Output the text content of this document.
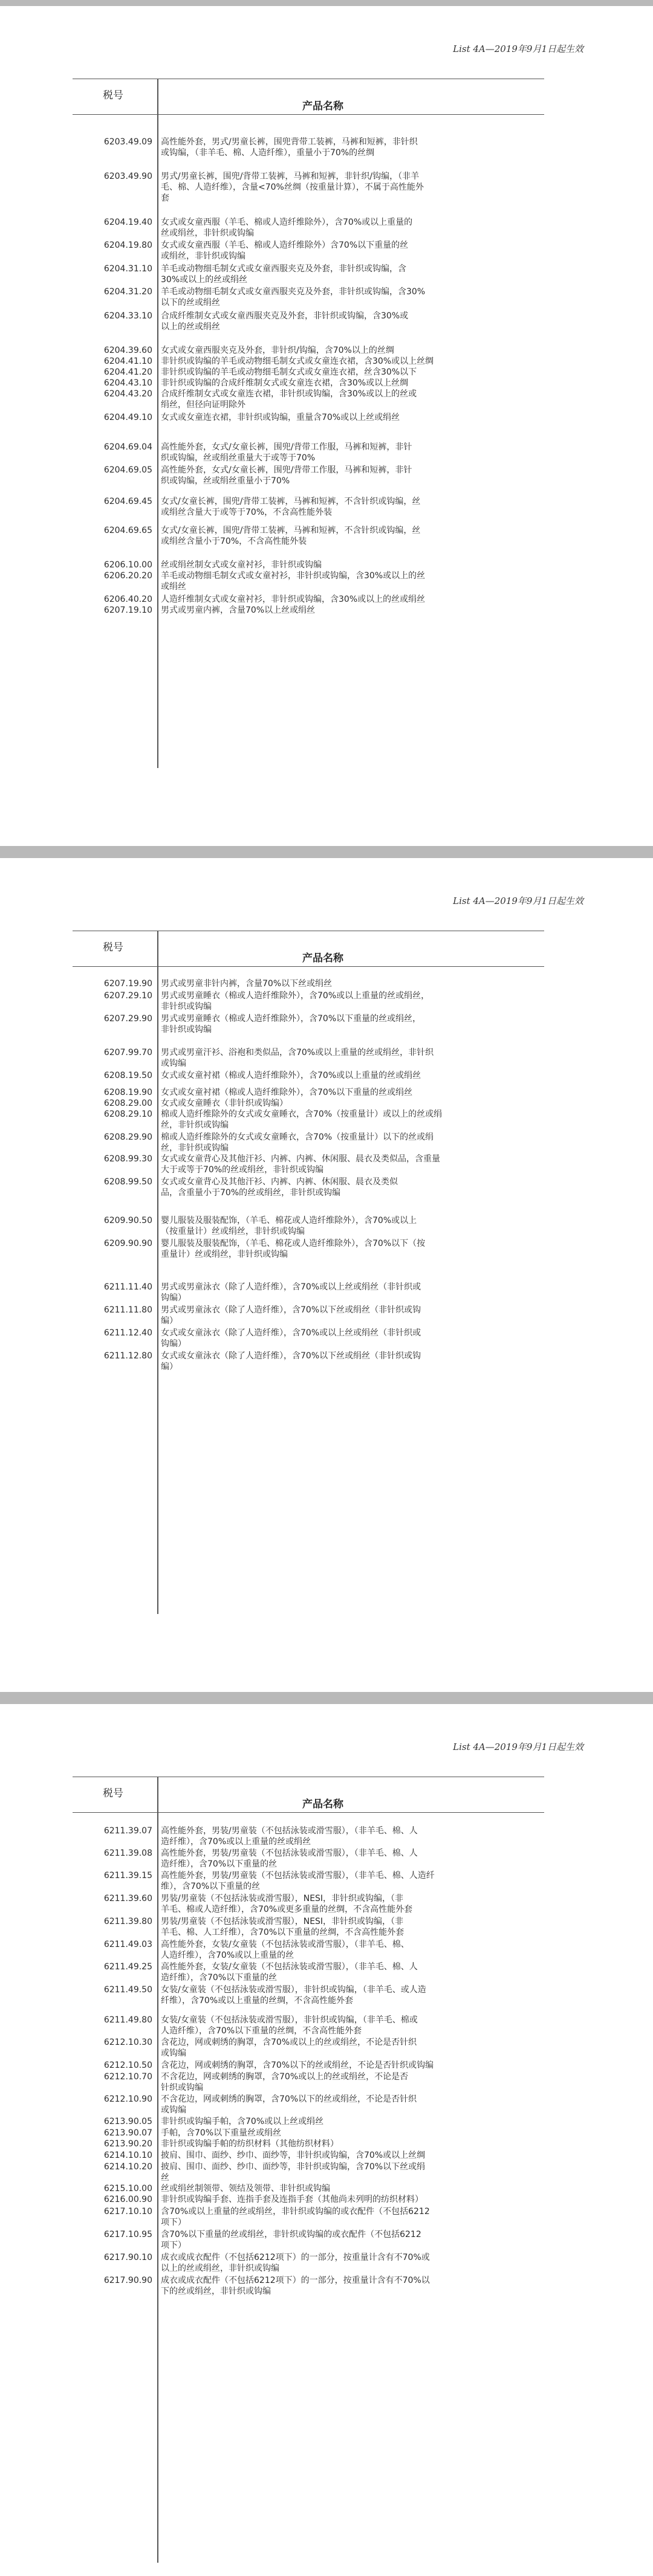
List 4A—2019年9月1日起生效
税号
产品名称
6203.49.09 高性能外套，男式/男童长裤，围兜背带工装裤，马裤和短裤，非针织
或钩编，（非羊毛、棉、人造纤维），重量小于70%的丝绸
6203.49.90 男式/男童长裤，围兜/背带工装裤，马裤和短裤，非针织/钩编，（非羊
毛、棉、人造纤维），含量<70%丝绸（按重量计算），不属于高性能外
套
6204.19.40 女式或女童西服（羊毛、棉或人造纤维除外），含70%或以上重量的
丝或绢丝，非针织或钩编
6204.19.80 女式或女童西服（羊毛、棉或人造纤维除外）含70%以下重量的丝
或绢丝，非针织或钩编
6204.31.10 羊毛或动物细毛制女式或女童西服夹克及外套，非针织或钩编，含
30%或以上的丝或绢丝
6204.31.20 羊毛或动物细毛制女式或女童西服夹克及外套，非针织或钩编，含30%
以下的丝或绢丝
6204.33.10 合成纤维制女式或女童西服夹克及外套，非针织或钩编，含30%或
以上的丝或绢丝
6204.39.60 女式或女童西服夹克及外套，非针织/钩编，含70%以上的丝绸
6204.41.10 非针织或钩编的羊毛或动物细毛制女式或女童连衣裙，含30%或以上丝绸
6204.41.20 非针织或钩编的羊毛或动物细毛制女式或女童连衣裙，丝含30%以下
6204.43.10 非针织或钩编的合成纤维制女式或女童连衣裙，含30%或以上丝绸
6204.43.20 合成纤维制女式或女童连衣裙，非针织或钩编，含30%或以上的丝或
绢丝，但径向证明除外
6204.49.10 女式或女童连衣裙，非针织或钩编，重量含70%或以上丝或绢丝
6204.69.04 高性能外套，女式/女童长裤，围兜/背带工作服，马裤和短裤，非针
织或钩编，丝或绢丝重量大于或等于70%
6204.69.05 高性能外套，女式/女童长裤，围兜/背带工作服，马裤和短裤，非针
织或钩编，丝或绢丝重量小于70%
6204.69.45 女式/女童长裤，围兜/背带工装裤，马裤和短裤，不含针织或钩编，丝
或绢丝含量大于或等于70%，不含高性能外装
6204.69.65 女式/女童长裤，围兜/背带工装裤，马裤和短裤，不含针织或钩编，丝
或绢丝含量小于70%，不含高性能外装
6206.10.00 丝或绢丝制女式或女童衬衫，非针织或钩编
6206.20.20 羊毛或动物细毛制女式或女童衬衫，非针织或钩编，含30%或以上的丝
或绢丝
6206.40.20 人造纤维制女式或女童衬衫，非针织或钩编，含30%或以上的丝或绢丝
6207.19.10 男式或男童内裤，含量70%以上丝或绢丝
List 4A—2019年9月1日起生效
税号
产品名称
6207.19.90 男式或男童非针内裤，含量70%以下丝或绢丝
6207.29.10 男式或男童睡衣（棉或人造纤维除外），含70%或以上重量的丝或绢丝，
非针织或钩编
6207.29.90 男式或男童睡衣（棉或人造纤维除外），含70%以下重量的丝或绢丝，
非针织或钩编
6207.99.70 男式或男童汗衫、浴袍和类似品，含70%或以上重量的丝或绢丝，非针织
或钩编
6208.19.50 女式或女童衬裙（棉或人造纤维除外），含70%或以上重量的丝或绢丝
6208.19.90 女式或女童衬裙（棉或人造纤维除外），含70%以下重量的丝或绢丝
6208.29.00 女式或女童睡衣（非针织或钩编）
6208.29.10 棉或人造纤维除外的女式或女童睡衣，含70%（按重量计）或以上的丝或绢
丝，非针织或钩编
6208.29.90 棉或人造纤维除外的女式或女童睡衣，含70%（按重量计）以下的丝或绢
丝，非针织或钩编
6208.99.30 女式或女童背心及其他汗衫、内裤、内裤、休闲服、晨衣及类似品，含重量
大于或等于70%的丝或绢丝，非针织或钩编
6208.99.50 女式或女童背心及其他汗衫、内裤、内裤、休闲服、晨衣及类似
品，含重量小于70%的丝或绢丝，非针织或钩编
6209.90.50 婴儿服装及服装配饰，（羊毛、棉花或人造纤维除外），含70%或以上
（按重量计）丝或绢丝，非针织或钩编
6209.90.90 婴儿服装及服装配饰，（羊毛、棉花或人造纤维除外），含70%以下（按
重量计）丝或绢丝，非针织或钩编
6211.11.40 男式或男童泳衣（除了人造纤维），含70%或以上丝或绢丝（非针织或
钩编）
6211.11.80 男式或男童泳衣（除了人造纤维），含70%以下丝或绢丝（非针织或钩
编）
6211.12.40 女式或女童泳衣（除了人造纤维），含70%或以上丝或绢丝（非针织或
钩编）
6211.12.80 女式或女童泳衣（除了人造纤维），含70%以下丝或绢丝（非针织或钩
编）
List 4A—2019年9月1日起生效
税号
产品名称
6211.39.07 高性能外套，男装/男童装（不包括泳装或滑雪服），（非羊毛、棉、人
造纤维），含70%或以上重量的丝或绢丝
6211.39.08 高性能外套，男装/男童装（不包括泳装或滑雪服），（非羊毛、棉、人
造纤维），含70%以下重量的丝
6211.39.15 高性能外套，男装/男童装（不包括泳装或滑雪服），（非羊毛、棉、人造纤
维），含70%以下重量的丝
6211.39.60 男装/男童装（不包括泳装或滑雪服），NESI，非针织或钩编，（非
羊毛、棉或人造纤维），含70%或更多重量的丝绸，不含高性能外套
6211.39.80 男装/男童装（不包括泳装或滑雪服），NESI，非针织或钩编，（非
羊毛、棉、人工纤维），含70%以下重量的丝绸，不含高性能外套
6211.49.03 高性能外套，女装/女童装（不包括泳装或滑雪服），（非羊毛、棉、
人造纤维），含70%或以上重量的丝
6211.49.25 高性能外套，女装/女童装（不包括泳装或滑雪服），（非羊毛、棉、人
造纤维），含70%以下重量的丝
6211.49.50 女装/女童装（不包括泳装或滑雪服），非针织或钩编，（非羊毛、或人造
纤维），含70%或以上重量的丝绸，不含高性能外套
6211.49.80 女装/女童装（不包括泳装或滑雪服），非针织或钩编，（非羊毛、棉或
人造纤维），含70%以下重量的丝绸，不含高性能外套
6212.10.30 含花边，网或刺绣的胸罩，含70%或以上的丝或绢丝，不论是否针织
或钩编
6212.10.50 含花边，网或刺绣的胸罩，含70%以下的丝或绢丝，不论是否针织或钩编
6212.10.70 不含花边，网或刺绣的胸罩，含70%或以上的丝或绢丝，不论是否
针织或钩编
6212.10.90 不含花边，网或刺绣的胸罩，含70%以下的丝或绢丝，不论是否针织
或钩编
6213.90.05 非针织或钩编手帕，含70%或以上丝或绢丝
6213.90.07 手帕，含70%以下重量丝或绢丝
6213.90.20 非针织或钩编手帕的纺织材料（其他纺织材料）
6214.10.10 披肩、围巾、面纱、纱巾、面纱等，非针织或钩编，含70%或以上丝绸
6214.10.20 披肩、围巾、面纱、纱巾、面纱等，非针织或钩编，含70%以下丝或绢
丝
6215.10.00 丝或绢丝制领带、领结及领带、非针织或钩编
6216.00.90 非针织或钩编手套、连指手套及连指手套（其他尚未列明的纺织材料）
6217.10.10 含70%或以上重量的丝或绢丝，非针织或钩编的或衣配件（不包括6212
项下）
6217.10.95 含70%以下重量的丝或绢丝，非针织或钩编的或衣配件（不包括6212
项下）
6217.90.10 成衣或成衣配件（不包括6212项下）的一部分，按重量计含有不70%或
以上的丝或绢丝，非针织或钩编
6217.90.90 成衣或成衣配件（不包括6212项下）的一部分，按重量计含有不70%以
下的丝或绢丝，非针织或钩编
